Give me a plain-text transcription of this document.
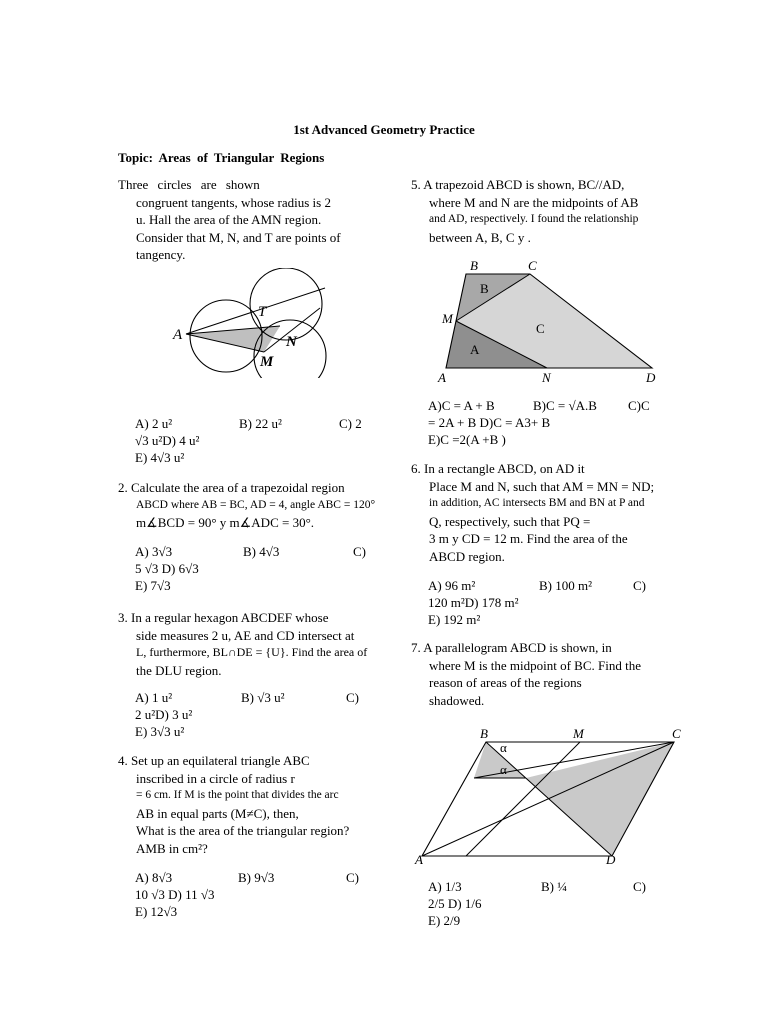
1st Advanced Geometry Practice
Topic: Areas of Triangular Regions
Three circles are shown
congruent tangents, whose radius is 2
u. Hall the area of the AMN region.
Consider that M, N, and T are points of
tangency.
A
T
N
M
A) 2 u²	B) 22 u²	C) 2
√3 u²D) 4 u²
E) 4√3 u²
2. Calculate the area of a trapezoidal region
ABCD where AB = BC, AD = 4, angle ABC = 120°
m∡BCD = 90° y m∡ADC = 30°.
A) 3√3	B) 4√3	C)
5 √3 D) 6√3
E) 7√3
3. In a regular hexagon ABCDEF whose
side measures 2 u, AE and CD intersect at
L, furthermore, BL∩DE = {U}. Find the area of
the DLU region.
A) 1 u²	B) √3 u²	C)
2 u²D) 3 u²
E) 3√3 u²
4. Set up an equilateral triangle ABC
inscribed in a circle of radius r
= 6 cm. If M is the point that divides the arc
AB in equal parts (M≠C), then,
What is the area of the triangular region?
AMB in cm²?
A) 8√3	B) 9√3	C)
10 √3 D) 11 √3
E) 12√3
5. A trapezoid ABCD is shown, BC//AD,
where M and N are the midpoints of AB
and AD, respectively. I found the relationship
between A, B, C y .
B	C
M
A	N	D
B
C
A
A)C = A + B	B)C = √A.B C)C
= 2A + B D)C = A3+ B
E)C =2(A +B )
6. In a rectangle ABCD, on AD it
Place M and N, such that AM = MN = ND;
in addition, AC intersects BM and BN at P and
Q, respectively, such that PQ =
3 m y CD = 12 m. Find the area of the
ABCD region.
A) 96 m²	B) 100 m²	C)
120 m²D) 178 m²
E) 192 m²
7. A parallelogram ABCD is shown, in
where M is the midpoint of BC. Find the
reason of areas of the regions
shadowed.
B	M	C
A	D
α
α
A) 1/3	B) ¼	C)
2/5 D) 1/6
E) 2/9
